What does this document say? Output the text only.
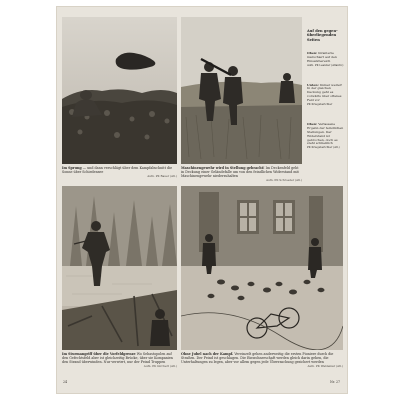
Im Sprung — und dann verschlägt über dem Kampfabschnitt die Sonne über Schiedensee
Aufn. PK Bauer (Atl.)
Maschinengewehr wird in Stellung gebracht! Im Deckenfeld geht in Deckung einer Geländefalle um von den feindlichen Widerstand mit Maschinengewehr niederzuhalten
Aufn. PK Schroeder (Atl.)
Im Sturmangriff über die Vorfeldgrenze Wo Sebastopolen auf den Gefechtsfeld aber ist gleichzeitig Brücke, über sie Kompanien den Strand überwinden. Nur verwirrt, nur der Feind Truppen
Aufn. PK Girchert (Atl.)
Ohne Jubel nach der Kampf. Vereinzelt gehen anderweitig die ersten Pioniere durch die Straßen. Der Feind ist geschlagen. Die Einwohnerschaft werden gleich darin gehen, die Unterhaltungen zu legen, aber vor allem gegen jede Überraschung gesichert werden
Aufn. PK Waldemar (Atl.)
Auf den gegen-überliegenden Seiten
Oben: Infanterie marschiert auf den Einsatzbereich
Aufn. PK Leander (Atlantic)
Unten: Immer weiter! In der gleichen Deckung geht es vorwärts über offenes Feld vor
PK Kriegsberichter
Oben: Verlassene Ergebn der feindlichen Stellungen. Der Widerstand ist gebrochen, doch es steht schließlich
PK Kriegsberichter (Atl.)
24	Nr. 27
